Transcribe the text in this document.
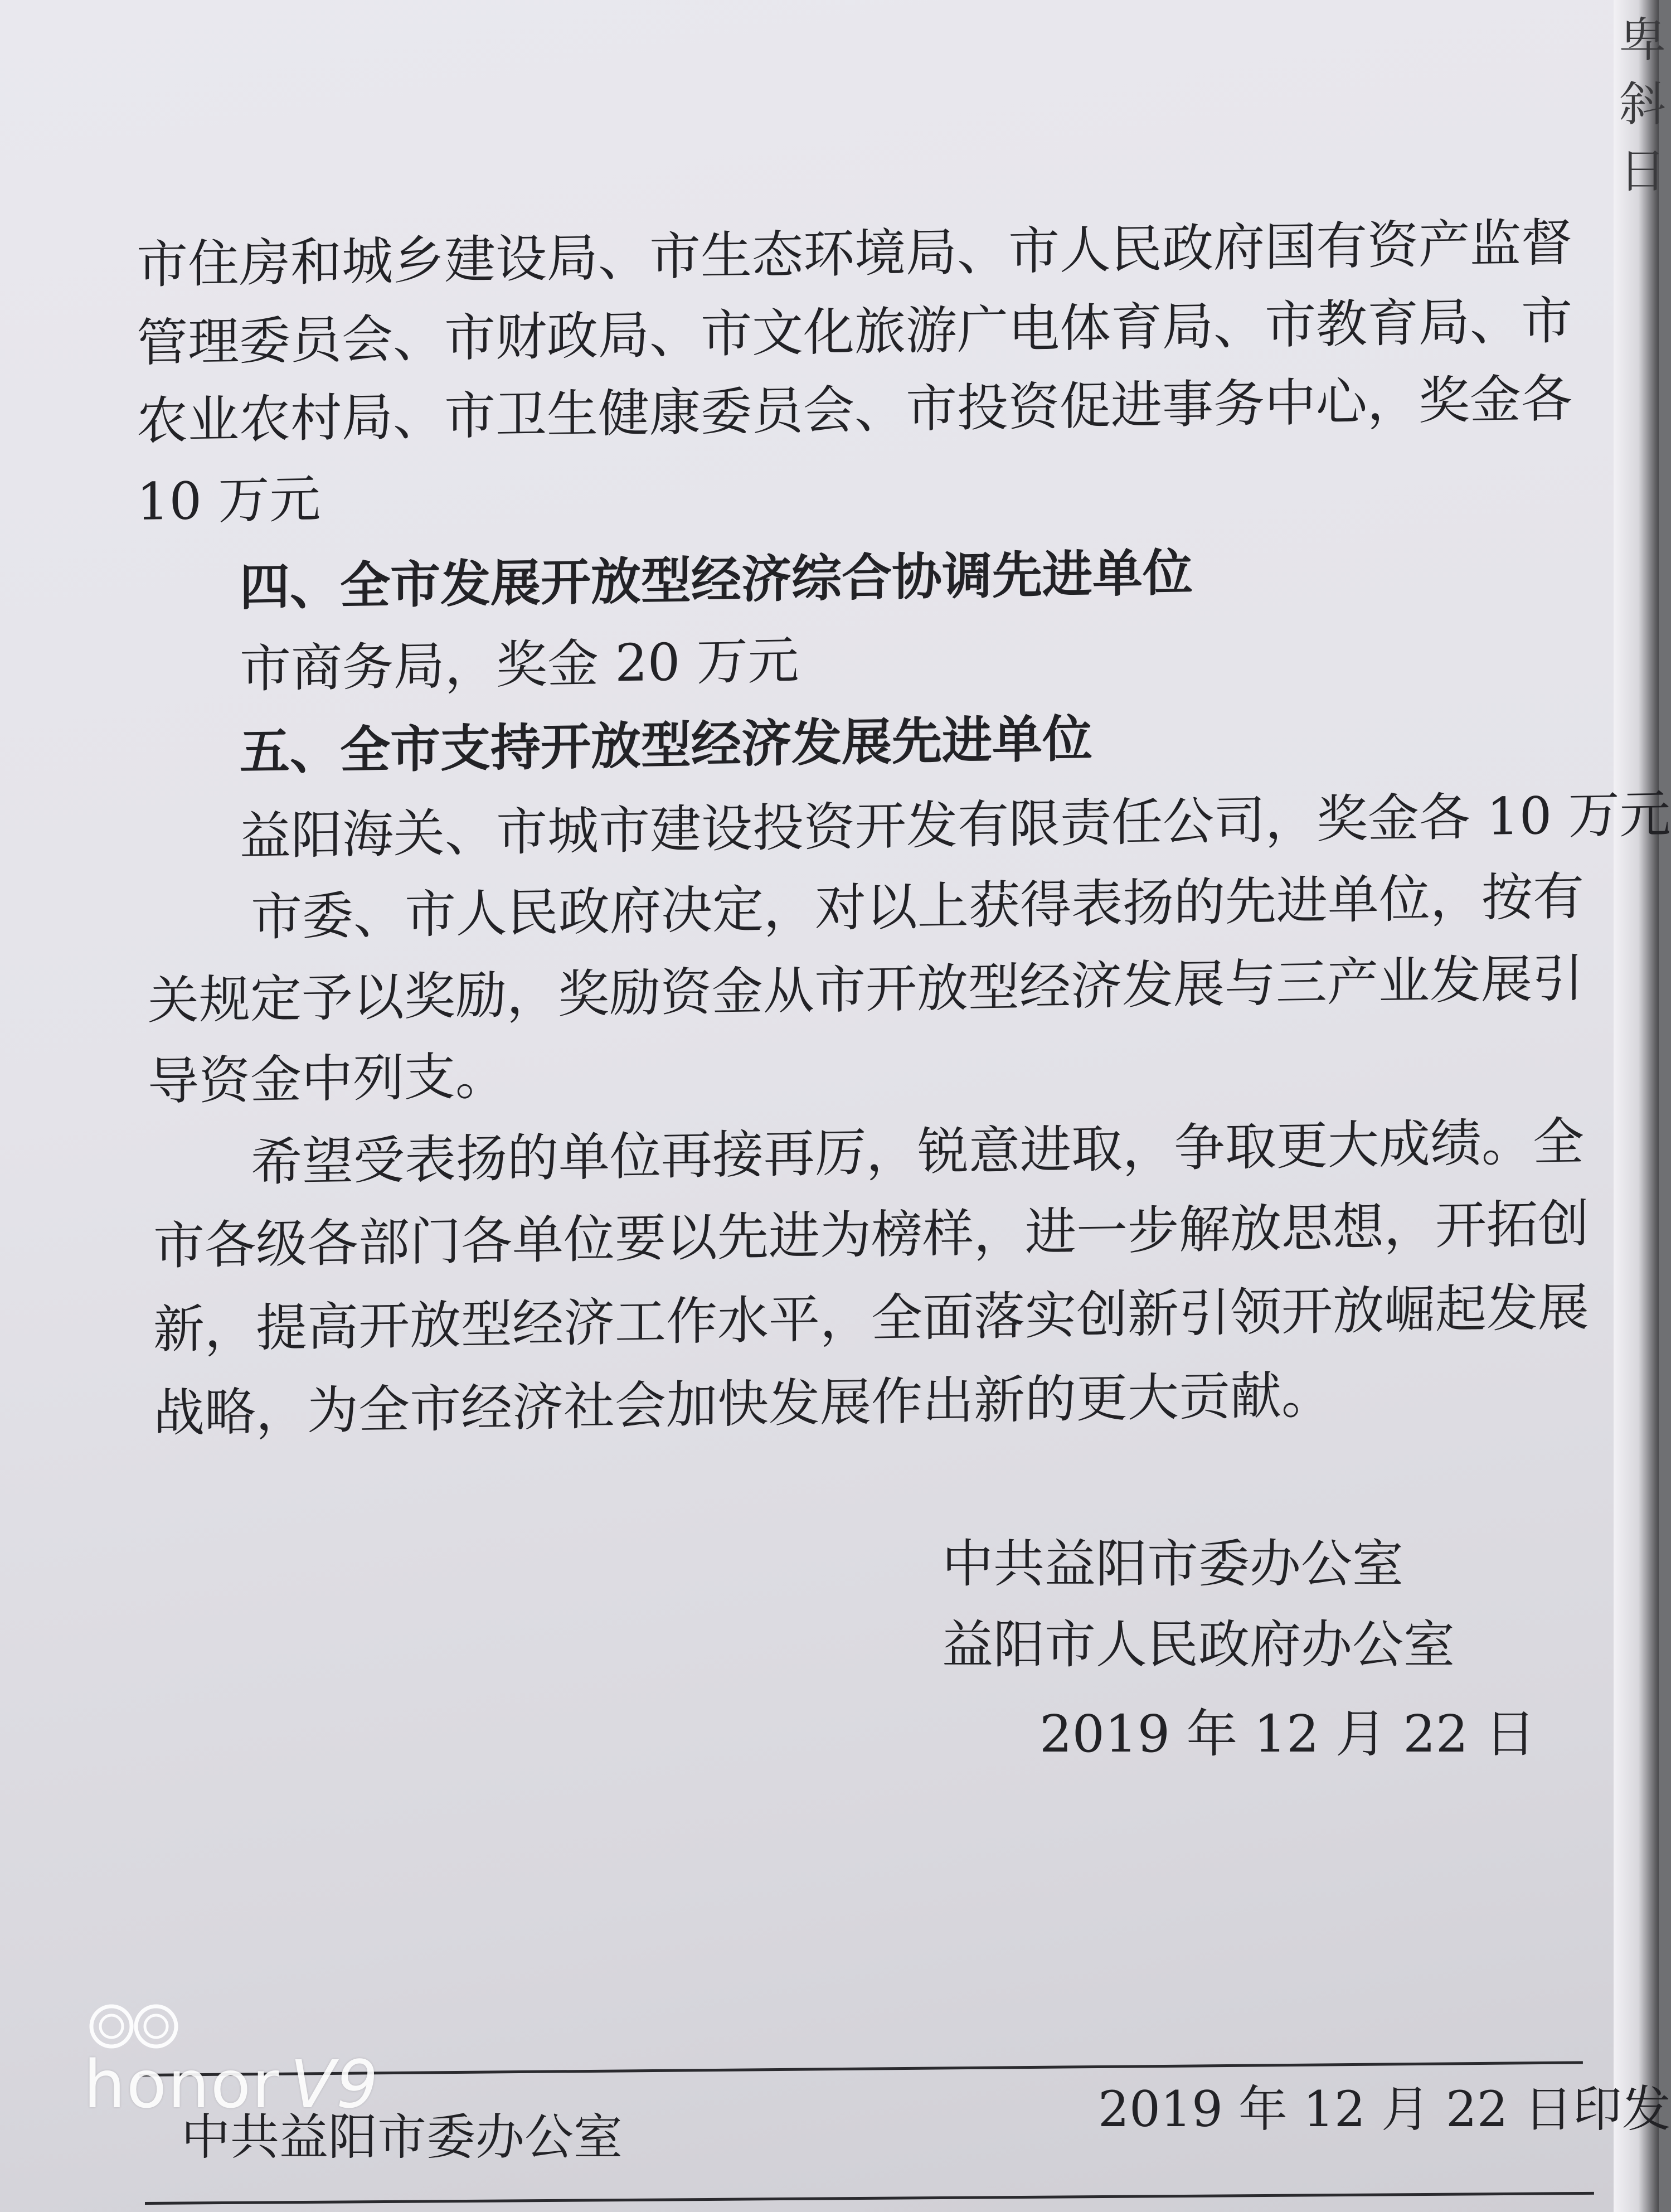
卑
斜
日
市住房和城乡建设局、市生态环境局、市人民政府国有资产监督
管理委员会、市财政局、市文化旅游广电体育局、市教育局、市
农业农村局、市卫生健康委员会、市投资促进事务中心，奖金各
10 万元
四、全市发展开放型经济综合协调先进单位
市商务局，奖金 20 万元
五、全市支持开放型经济发展先进单位
益阳海关、市城市建设投资开发有限责任公司，奖金各 10 万元
市委、市人民政府决定，对以上获得表扬的先进单位，按有
关规定予以奖励，奖励资金从市开放型经济发展与三产业发展引
导资金中列支。
希望受表扬的单位再接再厉，锐意进取，争取更大成绩。全
市各级各部门各单位要以先进为榜样，进一步解放思想，开拓创
新，提高开放型经济工作水平，全面落实创新引领开放崛起发展
战略，为全市经济社会加快发展作出新的更大贡献。
中共益阳市委办公室
益阳市人民政府办公室
2019 年 12 月 22 日
2019 年 12 月 22 日印发
中共益阳市委办公室
honor V9
